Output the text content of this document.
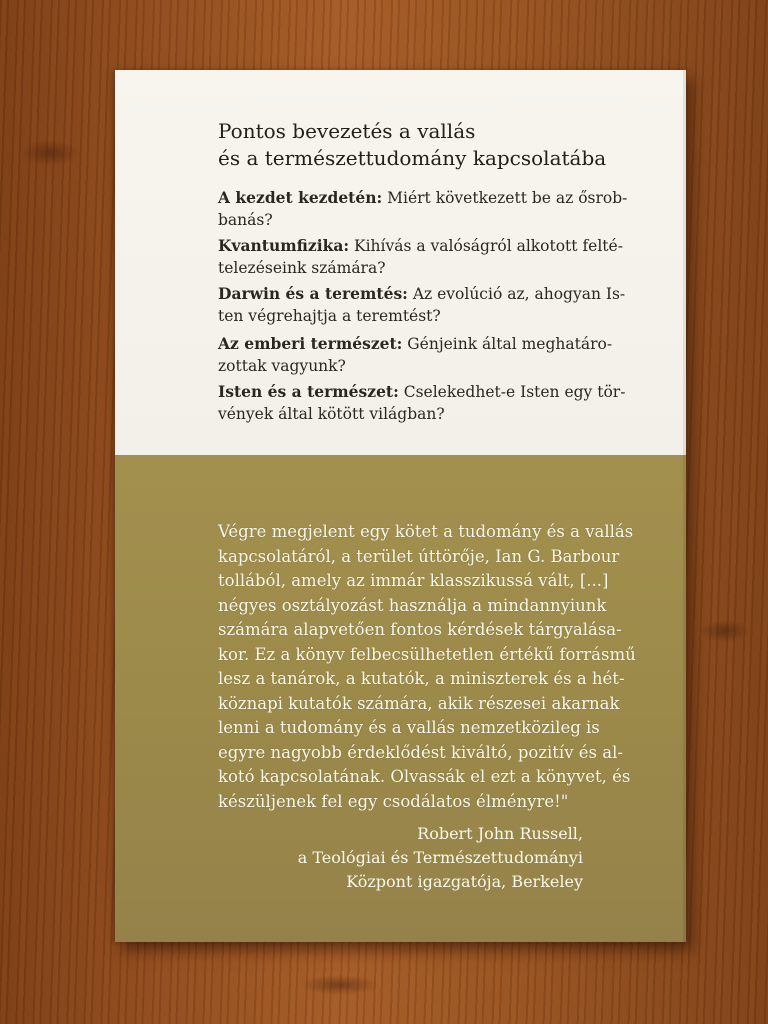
Pontos bevezetés a vallás
és a természettudomány kapcsolatába

A kezdet kezdetén: Miért következett be az ősrob-
banás?

Kvantumfizika: Kihívás a valóságról alkotott felté-
telezéseink számára?

Darwin és a teremtés: Az evolúció az, ahogyan Is-
ten végrehajtja a teremtést?

Az emberi természet: Génjeink által meghatáro-
zottak vagyunk?

Isten és a természet: Cselekedhet-e Isten egy tör-
vények által kötött világban?

Végre megjelent egy kötet a tudomány és a vallás
kapcsolatáról, a terület úttörője, Ian G. Barbour
tollából, amely az immár klasszikussá vált, [...]
négyes osztályozást használja a mindannyiunk
számára alapvetően fontos kérdések tárgyalása-
kor. Ez a könyv felbecsülhetetlen értékű forrásmű
lesz a tanárok, a kutatók, a miniszterek és a hét-
köznapi kutatók számára, akik részesei akarnak
lenni a tudomány és a vallás nemzetközileg is
egyre nagyobb érdeklődést kiváltó, pozitív és al-
kotó kapcsolatának. Olvassák el ezt a könyvet, és
készüljenek fel egy csodálatos élményre!"

Robert John Russell,
a Teológiai és Természettudományi
Központ igazgatója, Berkeley
